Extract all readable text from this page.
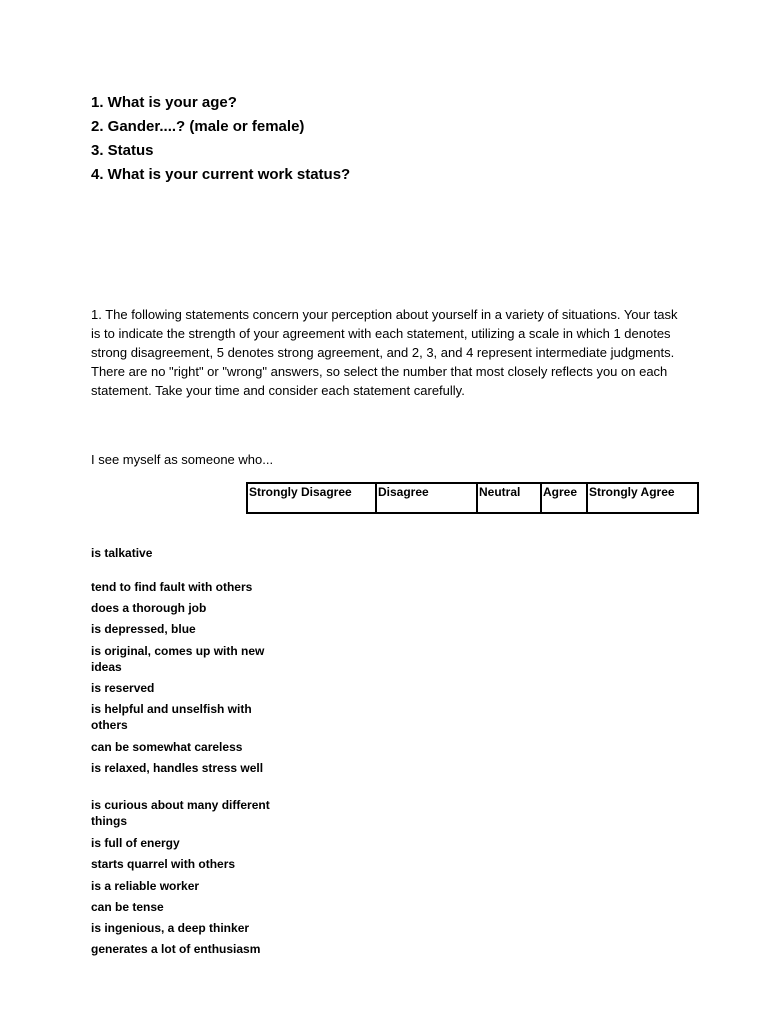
1. What is your age?
2. Gander....? (male or female)
3. Status
4. What is your current work status?

1. The following statements concern your perception about yourself in a variety of situations. Your task is to indicate the strength of your agreement with each statement, utilizing a scale in which 1 denotes strong disagreement, 5 denotes strong agreement, and 2, 3, and 4 represent intermediate judgments. There are no "right" or "wrong" answers, so select the number that most closely reflects you on each statement. Take your time and consider each statement carefully.

I see myself as someone who...

Strongly Disagree	Disagree	Neutral	Agree	Strongly Agree
is talkative
tend to find fault with others
does a thorough job
is depressed, blue
is original, comes up with new ideas
is reserved
is helpful and unselfish with others
can be somewhat careless
is relaxed, handles stress well
is curious about many different things
is full of energy
starts quarrel with others
is a reliable worker
can be tense
is ingenious, a deep thinker
generates a lot of enthusiasm
